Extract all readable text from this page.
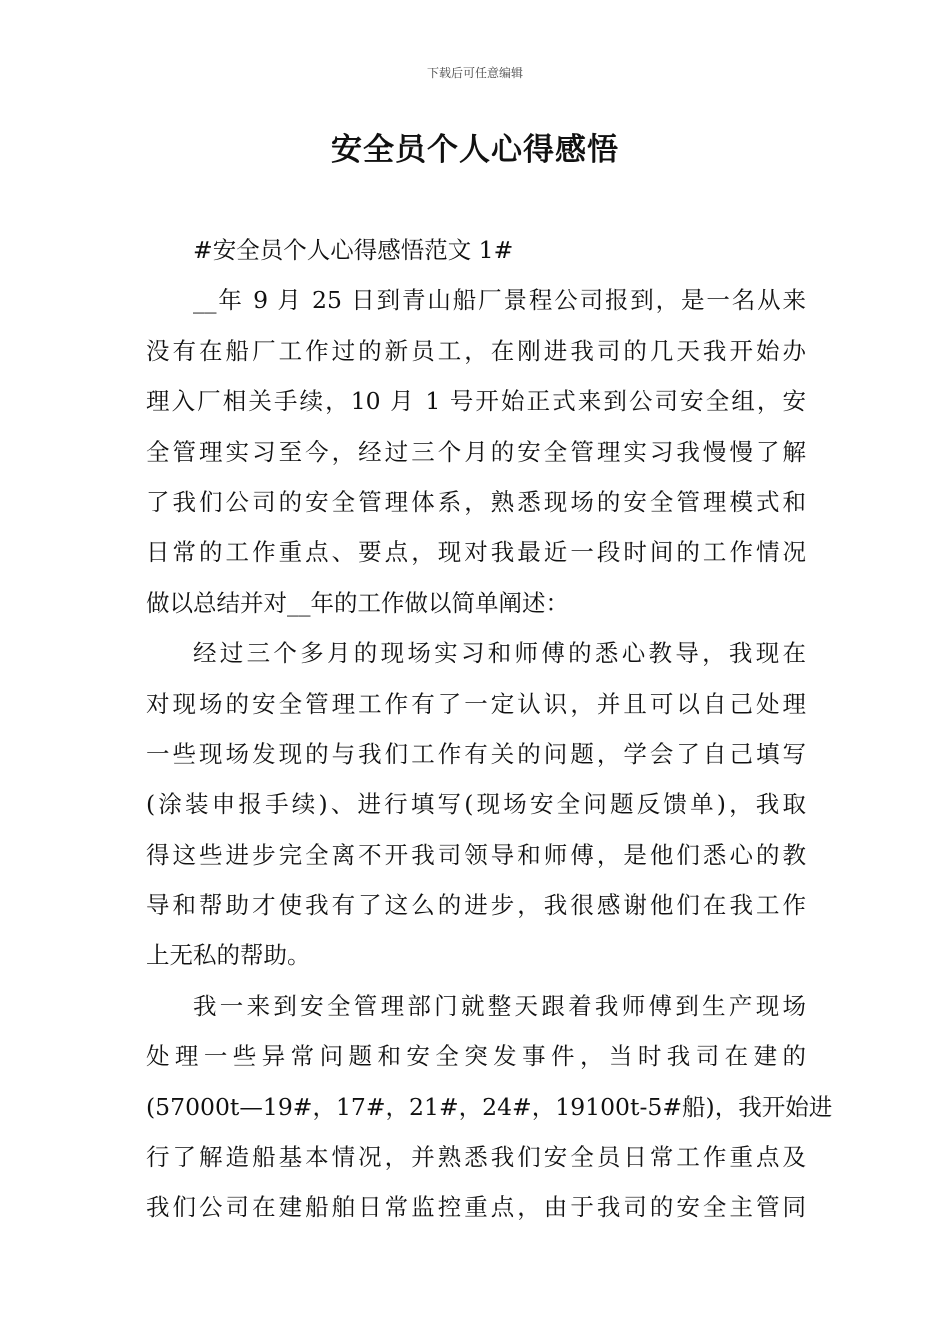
下载后可任意编辑
安全员个人心得感悟
#安全员个人心得感悟范文 1#

__年 9 月 25 日到青山船厂景程公司报到，是一名从来
没有在船厂工作过的新员工，在刚进我司的几天我开始办
理入厂相关手续，10 月 1 号开始正式来到公司安全组，安
全管理实习至今，经过三个月的安全管理实习我慢慢了解
了我们公司的安全管理体系，熟悉现场的安全管理模式和
日常的工作重点、要点，现对我最近一段时间的工作情况
做以总结并对__年的工作做以简单阐述：

经过三个多月的现场实习和师傅的悉心教导，我现在
对现场的安全管理工作有了一定认识，并且可以自己处理
一些现场发现的与我们工作有关的问题，学会了自己填写
(涂装申报手续)、进行填写(现场安全问题反馈单)，我取
得这些进步完全离不开我司领导和师傅，是他们悉心的教
导和帮助才使我有了这么的进步，我很感谢他们在我工作
上无私的帮助。

我一来到安全管理部门就整天跟着我师傅到生产现场
处理一些异常问题和安全突发事件，当时我司在建的
(57000t—19#，17#，21#，24#，19100t-5#船)，我开始进
行了解造船基本情况，并熟悉我们安全员日常工作重点及
我们公司在建船舶日常监控重点，由于我司的安全主管同
